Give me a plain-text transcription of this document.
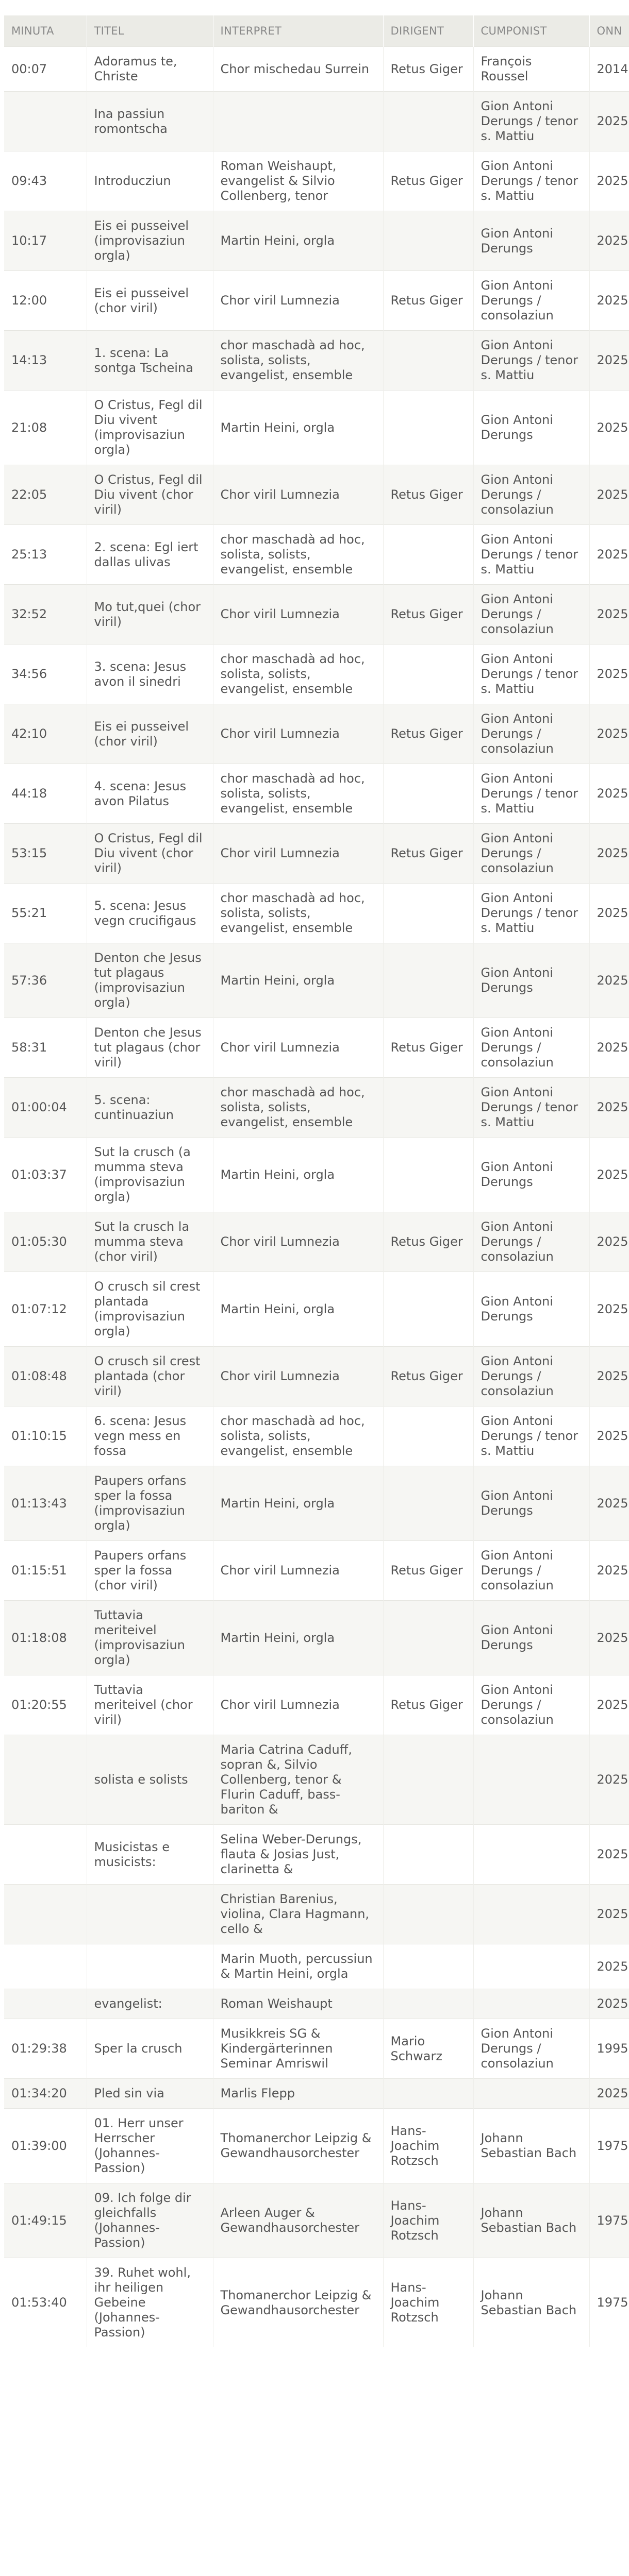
MINUTA	TITEL	INTERPRET	DIRIGENT	CUMPONIST	ONN
00:07	Adoramus te, Christe	Chor mischedau Surrein	Retus Giger	François Roussel	2014
	Ina passiun romontscha			Gion Antoni Derungs / tenor s. Mattiu	2025
09:43	Introducziun	Roman Weishaupt, evangelist & Silvio Collenberg, tenor	Retus Giger	Gion Antoni Derungs / tenor s. Mattiu	2025
10:17	Eis ei pusseivel (improvisaziun orgla)	Martin Heini, orgla		Gion Antoni Derungs	2025
12:00	Eis ei pusseivel (chor viril)	Chor viril Lumnezia	Retus Giger	Gion Antoni Derungs / consolaziun	2025
14:13	1. scena: La sontga Tscheina	chor maschadà ad hoc, solista, solists, evangelist, ensemble		Gion Antoni Derungs / tenor s. Mattiu	2025
21:08	O Cristus, Fegl dil Diu vivent (improvisaziun orgla)	Martin Heini, orgla		Gion Antoni Derungs	2025
22:05	O Cristus, Fegl dil Diu vivent (chor viril)	Chor viril Lumnezia	Retus Giger	Gion Antoni Derungs / consolaziun	2025
25:13	2. scena: Egl iert dallas ulivas	chor maschadà ad hoc, solista, solists, evangelist, ensemble		Gion Antoni Derungs / tenor s. Mattiu	2025
32:52	Mo tut,quei (chor viril)	Chor viril Lumnezia	Retus Giger	Gion Antoni Derungs / consolaziun	2025
34:56	3. scena: Jesus avon il sinedri	chor maschadà ad hoc, solista, solists, evangelist, ensemble		Gion Antoni Derungs / tenor s. Mattiu	2025
42:10	Eis ei pusseivel (chor viril)	Chor viril Lumnezia	Retus Giger	Gion Antoni Derungs / consolaziun	2025
44:18	4. scena: Jesus avon Pilatus	chor maschadà ad hoc, solista, solists, evangelist, ensemble		Gion Antoni Derungs / tenor s. Mattiu	2025
53:15	O Cristus, Fegl dil Diu vivent (chor viril)	Chor viril Lumnezia	Retus Giger	Gion Antoni Derungs / consolaziun	2025
55:21	5. scena: Jesus vegn crucifigaus	chor maschadà ad hoc, solista, solists, evangelist, ensemble		Gion Antoni Derungs / tenor s. Mattiu	2025
57:36	Denton che Jesus tut plagaus (improvisaziun orgla)	Martin Heini, orgla		Gion Antoni Derungs	2025
58:31	Denton che Jesus tut plagaus (chor viril)	Chor viril Lumnezia	Retus Giger	Gion Antoni Derungs / consolaziun	2025
01:00:04	5. scena: cuntinuaziun	chor maschadà ad hoc, solista, solists, evangelist, ensemble		Gion Antoni Derungs / tenor s. Mattiu	2025
01:03:37	Sut la crusch (a mumma steva (improvisaziun orgla)	Martin Heini, orgla		Gion Antoni Derungs	2025
01:05:30	Sut la crusch la mumma steva (chor viril)	Chor viril Lumnezia	Retus Giger	Gion Antoni Derungs / consolaziun	2025
01:07:12	O crusch sil crest plantada (improvisaziun orgla)	Martin Heini, orgla		Gion Antoni Derungs	2025
01:08:48	O crusch sil crest plantada (chor viril)	Chor viril Lumnezia	Retus Giger	Gion Antoni Derungs / consolaziun	2025
01:10:15	6. scena: Jesus vegn mess en fossa	chor maschadà ad hoc, solista, solists, evangelist, ensemble		Gion Antoni Derungs / tenor s. Mattiu	2025
01:13:43	Paupers orfans sper la fossa (improvisaziun orgla)	Martin Heini, orgla		Gion Antoni Derungs	2025
01:15:51	Paupers orfans sper la fossa (chor viril)	Chor viril Lumnezia	Retus Giger	Gion Antoni Derungs / consolaziun	2025
01:18:08	Tuttavia meriteivel (improvisaziun orgla)	Martin Heini, orgla		Gion Antoni Derungs	2025
01:20:55	Tuttavia meriteivel (chor viril)	Chor viril Lumnezia	Retus Giger	Gion Antoni Derungs / consolaziun	2025
	solista e solists	Maria Catrina Caduff, sopran &, Silvio Collenberg, tenor & Flurin Caduff, bass-bariton &			2025
	Musicistas e musicists:	Selina Weber-Derungs, flauta & Josias Just, clarinetta &			2025
		Christian Barenius, violina, Clara Hagmann, cello &			2025
		Marin Muoth, percussiun & Martin Heini, orgla			2025
	evangelist:	Roman Weishaupt			2025
01:29:38	Sper la crusch	Musikkreis SG & Kindergärterinnen Seminar Amriswil	Mario Schwarz	Gion Antoni Derungs / consolaziun	1995
01:34:20	Pled sin via	Marlis Flepp			2025
01:39:00	01. Herr unser Herrscher (Johannes-Passion)	Thomanerchor Leipzig & Gewandhausorchester	Hans-Joachim Rotzsch	Johann Sebastian Bach	1975
01:49:15	09. Ich folge dir gleichfalls (Johannes-Passion)	Arleen Auger & Gewandhausorchester	Hans-Joachim Rotzsch	Johann Sebastian Bach	1975
01:53:40	39. Ruhet wohl, ihr heiligen Gebeine (Johannes-Passion)	Thomanerchor Leipzig & Gewandhausorchester	Hans-Joachim Rotzsch	Johann Sebastian Bach	1975
